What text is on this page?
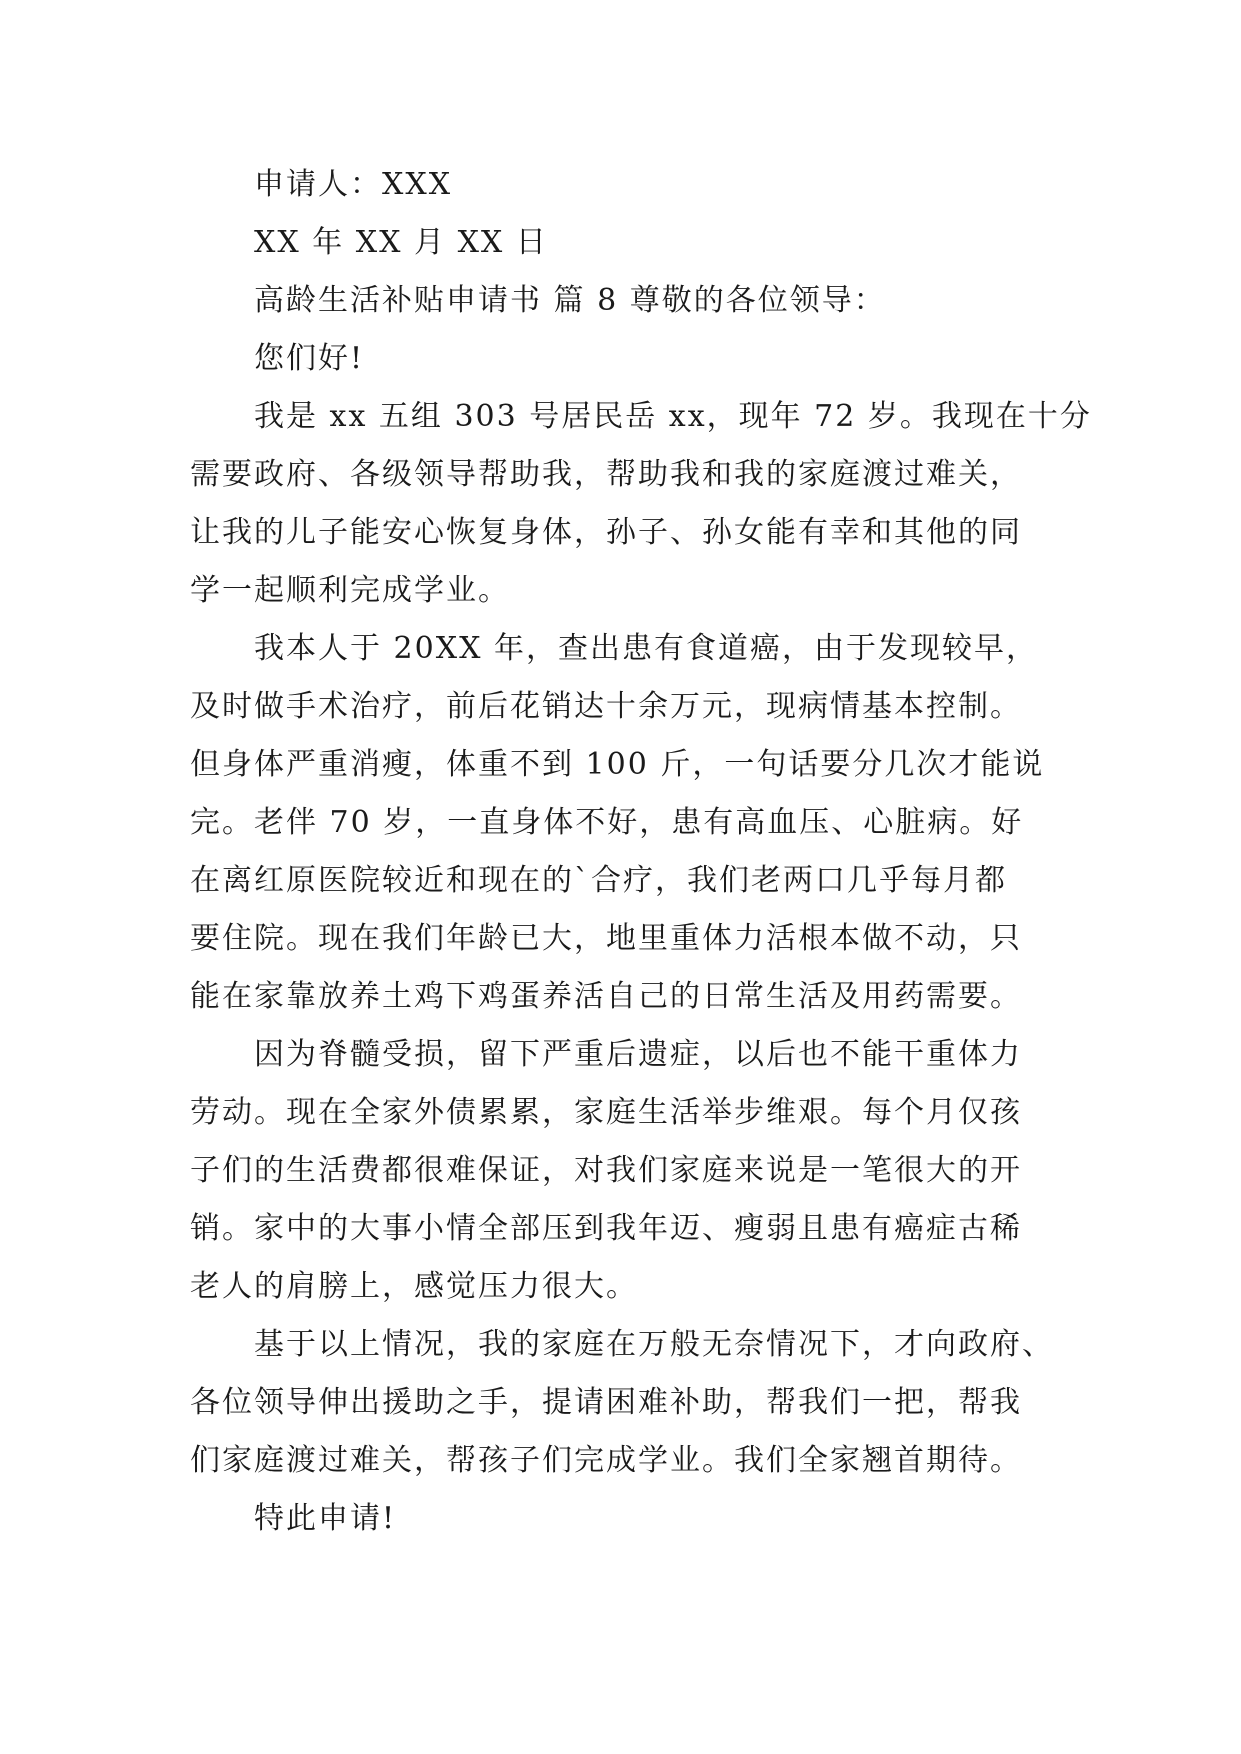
申请人：XXX
XX 年 XX 月 XX 日
高龄生活补贴申请书 篇 8 尊敬的各位领导：
您们好!
我是 xx 五组 303 号居民岳 xx，现年 72 岁。我现在十分
需要政府、各级领导帮助我，帮助我和我的家庭渡过难关，
让我的儿子能安心恢复身体，孙子、孙女能有幸和其他的同
学一起顺利完成学业。
我本人于 20XX 年，查出患有食道癌，由于发现较早，
及时做手术治疗，前后花销达十余万元，现病情基本控制。
但身体严重消瘦，体重不到 100 斤，一句话要分几次才能说
完。老伴 70 岁，一直身体不好，患有高血压、心脏病。好
在离红原医院较近和现在的`合疗，我们老两口几乎每月都
要住院。现在我们年龄已大，地里重体力活根本做不动，只
能在家靠放养土鸡下鸡蛋养活自己的日常生活及用药需要。
因为脊髓受损，留下严重后遗症，以后也不能干重体力
劳动。现在全家外债累累，家庭生活举步维艰。每个月仅孩
子们的生活费都很难保证，对我们家庭来说是一笔很大的开
销。家中的大事小情全部压到我年迈、瘦弱且患有癌症古稀
老人的肩膀上，感觉压力很大。
基于以上情况，我的家庭在万般无奈情况下，才向政府、
各位领导伸出援助之手，提请困难补助，帮我们一把，帮我
们家庭渡过难关，帮孩子们完成学业。我们全家翘首期待。
特此申请!
